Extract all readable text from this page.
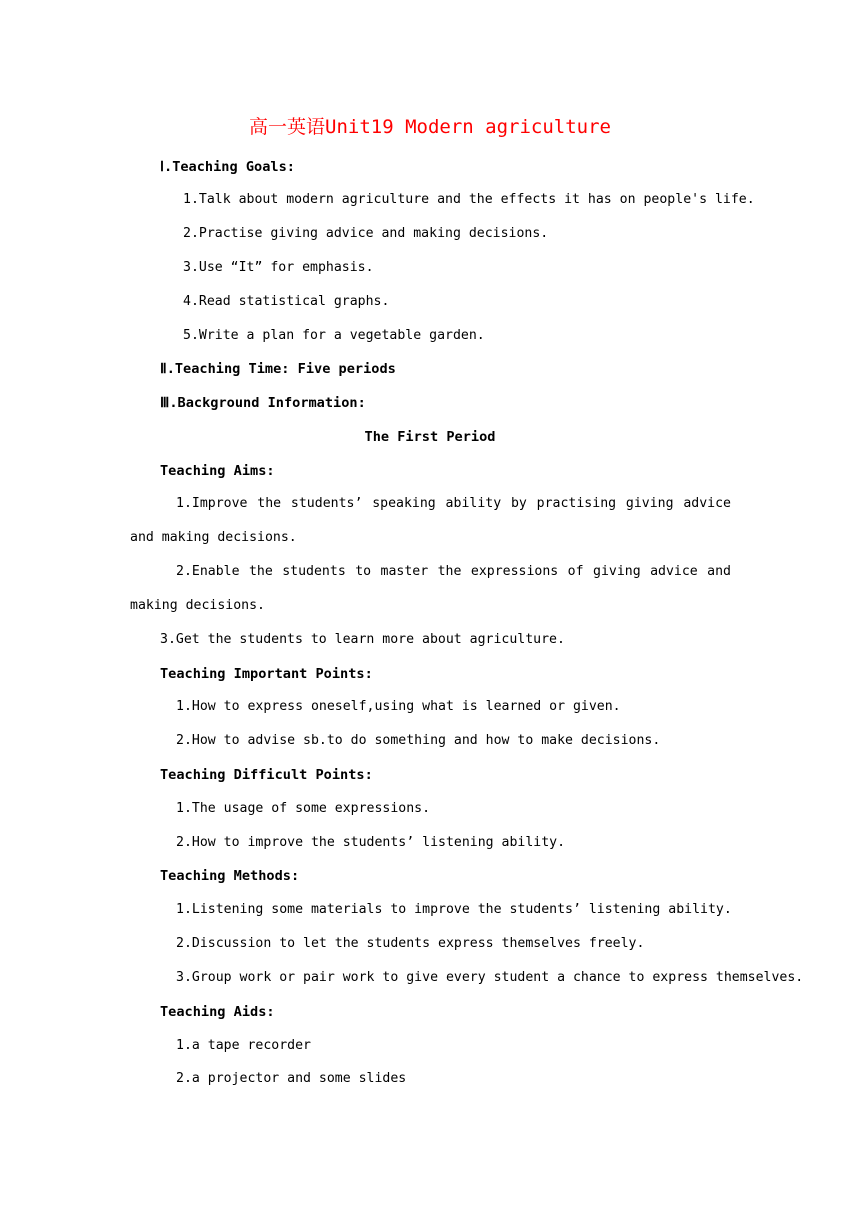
高一英语Unit19 Modern agriculture
Ⅰ.Teaching Goals:
1.Talk about modern agriculture and the effects it has on people's life.
2.Practise giving advice and making decisions.
3.Use “It” for emphasis.
4.Read statistical graphs.
5.Write a plan for a vegetable garden.
Ⅱ.Teaching Time: Five periods
Ⅲ.Background Information:
The First Period
Teaching Aims:
1.Improve the students’ speaking ability by practising giving advice and making decisions.
2.Enable the students to master the expressions of giving advice and making decisions.
3.Get the students to learn more about agriculture.
Teaching Important Points:
1.How to express oneself,using what is learned or given.
2.How to advise sb.to do something and how to make decisions.
Teaching Difficult Points:
1.The usage of some expressions.
2.How to improve the students’ listening ability.
Teaching Methods:
1.Listening some materials to improve the students’ listening ability.
2.Discussion to let the students express themselves freely.
3.Group work or pair work to give every student a chance to express themselves.
Teaching Aids:
1.a tape recorder
2.a projector and some slides
